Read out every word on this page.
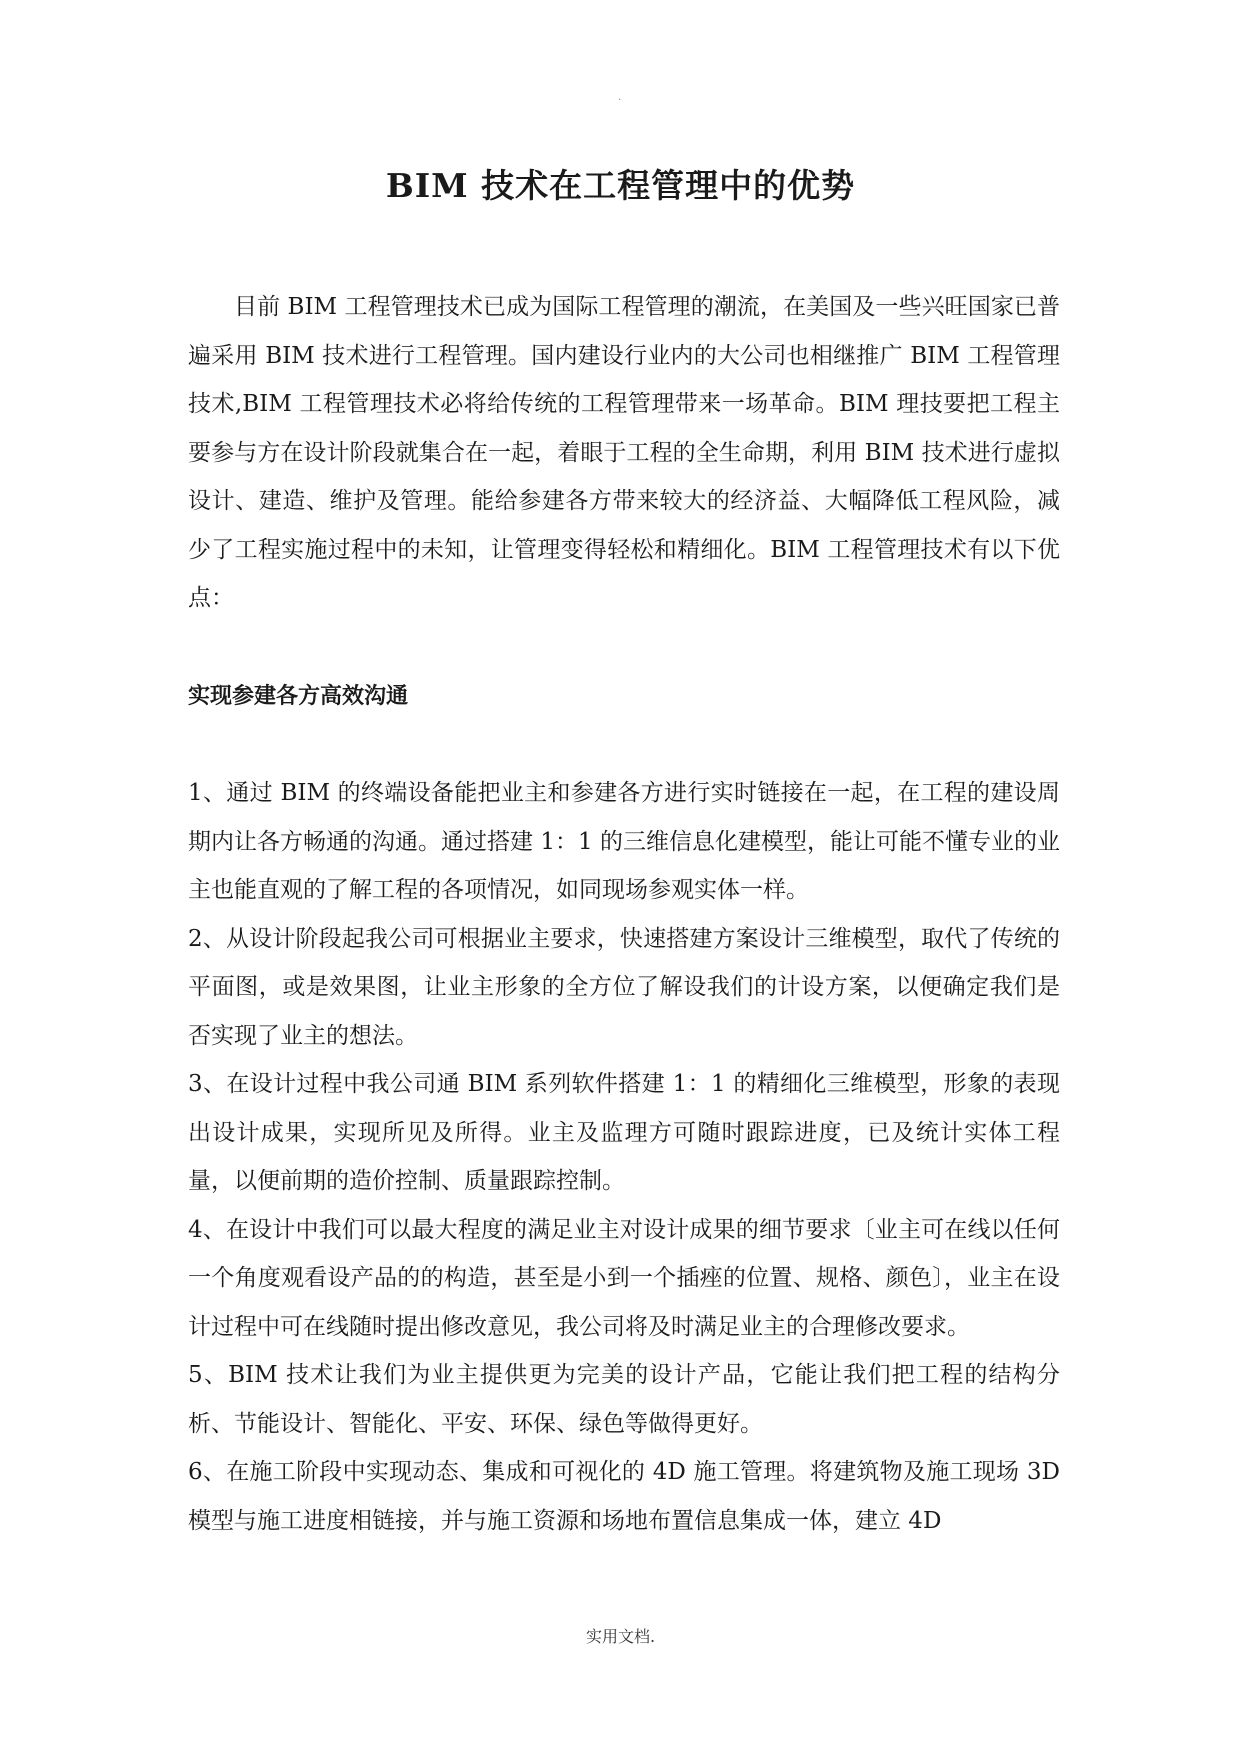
.
BIM 技术在工程管理中的优势

目前 BIM 工程管理技术已成为国际工程管理的潮流，在美国及一些兴旺国家已普遍采用 BIM 技术进行工程管理。国内建设行业内的大公司也相继推广 BIM 工程管理技术,BIM 工程管理技术必将给传统的工程管理带来一场革命。BIM 理技要把工程主要参与方在设计阶段就集合在一起，着眼于工程的全生命期，利用 BIM 技术进行虚拟设计、建造、维护及管理。能给参建各方带来较大的经济益、大幅降低工程风险，减少了工程实施过程中的未知，让管理变得轻松和精细化。BIM 工程管理技术有以下优点：

实现参建各方高效沟通

1、通过 BIM 的终端设备能把业主和参建各方进行实时链接在一起，在工程的建设周期内让各方畅通的沟通。通过搭建 1：1 的三维信息化建模型，能让可能不懂专业的业主也能直观的了解工程的各项情况，如同现场参观实体一样。

2、从设计阶段起我公司可根据业主要求，快速搭建方案设计三维模型，取代了传统的平面图，或是效果图，让业主形象的全方位了解设我们的计设方案，以便确定我们是否实现了业主的想法。

3、在设计过程中我公司通 BIM 系列软件搭建 1：1 的精细化三维模型，形象的表现出设计成果，实现所见及所得。业主及监理方可随时跟踪进度，已及统计实体工程量，以便前期的造价控制、质量跟踪控制。

4、在设计中我们可以最大程度的满足业主对设计成果的细节要求〔业主可在线以任何一个角度观看设产品的的构造，甚至是小到一个插痤的位置、规格、颜色〕，业主在设计过程中可在线随时提出修改意见，我公司将及时满足业主的合理修改要求。

5、BIM 技术让我们为业主提供更为完美的设计产品，它能让我们把工程的结构分析、节能设计、智能化、平安、环保、绿色等做得更好。

6、在施工阶段中实现动态、集成和可视化的 4D 施工管理。将建筑物及施工现场 3D 模型与施工进度相链接，并与施工资源和场地布置信息集成一体，建立 4D

实用文档.
